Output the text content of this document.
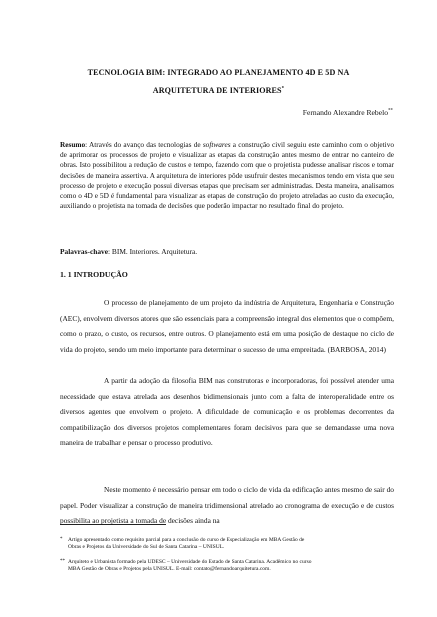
TECNOLOGIA BIM: INTEGRADO AO PLANEJAMENTO 4D E 5D NA
ARQUITETURA DE INTERIORES*
Fernando Alexandre Rebelo**
Resumo: Através do avanço das tecnologias de softwares a construção civil seguiu este caminho com o objetivo de aprimorar os processos de projeto e visualizar as etapas da construção antes mesmo de entrar no canteiro de obras. Isto possibilitou a redução de custos e tempo, fazendo com que o projetista pudesse analisar riscos e tomar decisões de maneira assertiva. A arquitetura de interiores pôde usufruir destes mecanismos tendo em vista que seu processo de projeto e execução possui diversas etapas que precisam ser administradas. Desta maneira, analisamos como o 4D e 5D é fundamental para visualizar as etapas de construção do projeto atreladas ao custo da execução, auxiliando o projetista na tomada de decisões que poderão impactar no resultado final do projeto.
Palavras-chave: BIM. Interiores. Arquitetura.
1. 1 INTRODUÇÃO

O processo de planejamento de um projeto da indústria de Arquitetura, Engenharia e Construção (AEC), envolvem diversos atores que são essenciais para a compreensão integral dos elementos que o compõem, como o prazo, o custo, os recursos, entre outros. O planejamento está em uma posição de destaque no ciclo de vida do projeto, sendo um meio importante para determinar o sucesso de uma empreitada. (BARBOSA, 2014)

A partir da adoção da filosofia BIM nas construtoras e incorporadoras, foi possível atender uma necessidade que estava atrelada aos desenhos bidimensionais junto com a falta de interoperalidade entre os diversos agentes que envolvem o projeto. A dificuldade de comunicação e os problemas decorrentes da compatibilização dos diversos projetos complementares foram decisivos para que se demandasse uma nova maneira de trabalhar e pensar o processo produtivo.

Neste momento é necessário pensar em todo o ciclo de vida da edificação antes mesmo de sair do papel. Poder visualizar a construção de maneira tridimensional atrelado ao cronograma de execução e de custos possibilita ao projetista a tomada de decisões ainda na

*	Artigo apresentado como requisito parcial para a conclusão do curso de Especialização em MBA Gestão de
Obras e Projetos da Universidade do Sul de Santa Catarina – UNISUL.
** Arquiteto e Urbanista formado pela UDESC – Universidade do Estado de Santa Catarina. Acadêmico no curso
MBA Gestão de Obras e Projetos pela UNISUL. E-mail: contato@fernandoarquitetura.com.
